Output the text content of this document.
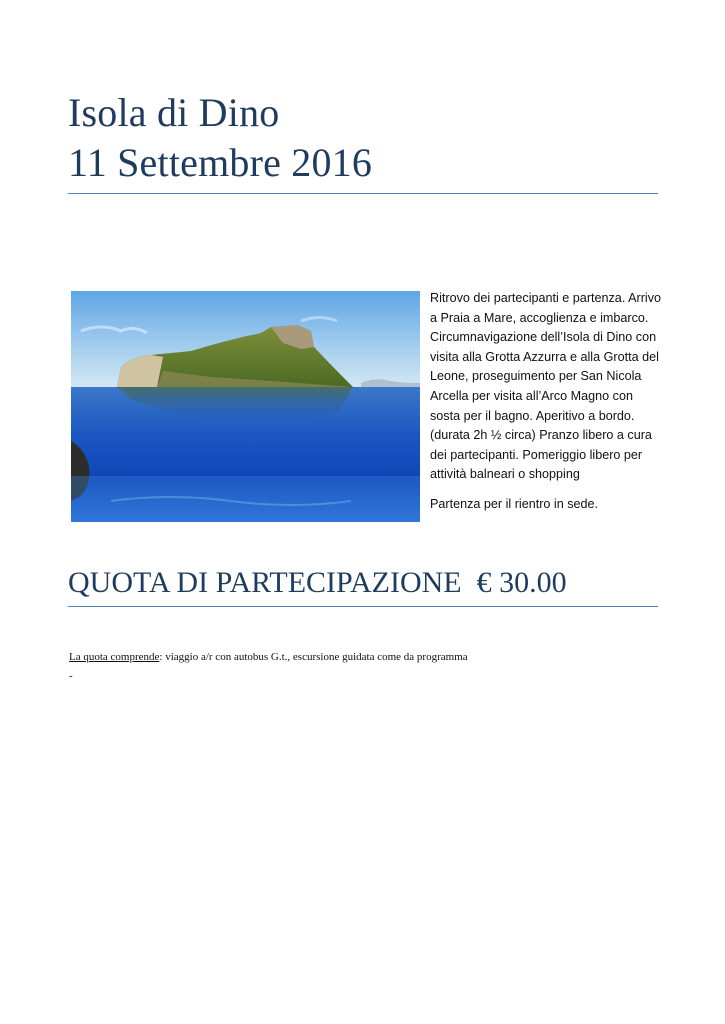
Isola di Dino
11 Settembre 2016

Ritrovo dei partecipanti e partenza. Arrivo a Praia a Mare, accoglienza e imbarco. Circumnavigazione dell’Isola di Dino con visita alla Grotta Azzurra e alla Grotta del Leone, proseguimento per San Nicola Arcella per visita all’Arco Magno con sosta per il bagno. Aperitivo a bordo. (durata 2h ½ circa) Pranzo libero a cura dei partecipanti. Pomeriggio libero per attività balneari o shopping

Partenza per il rientro in sede.

QUOTA DI PARTECIPAZIONE  € 30.00
La quota comprende: viaggio a/r con autobus G.t., escursione guidata come da programma
-
